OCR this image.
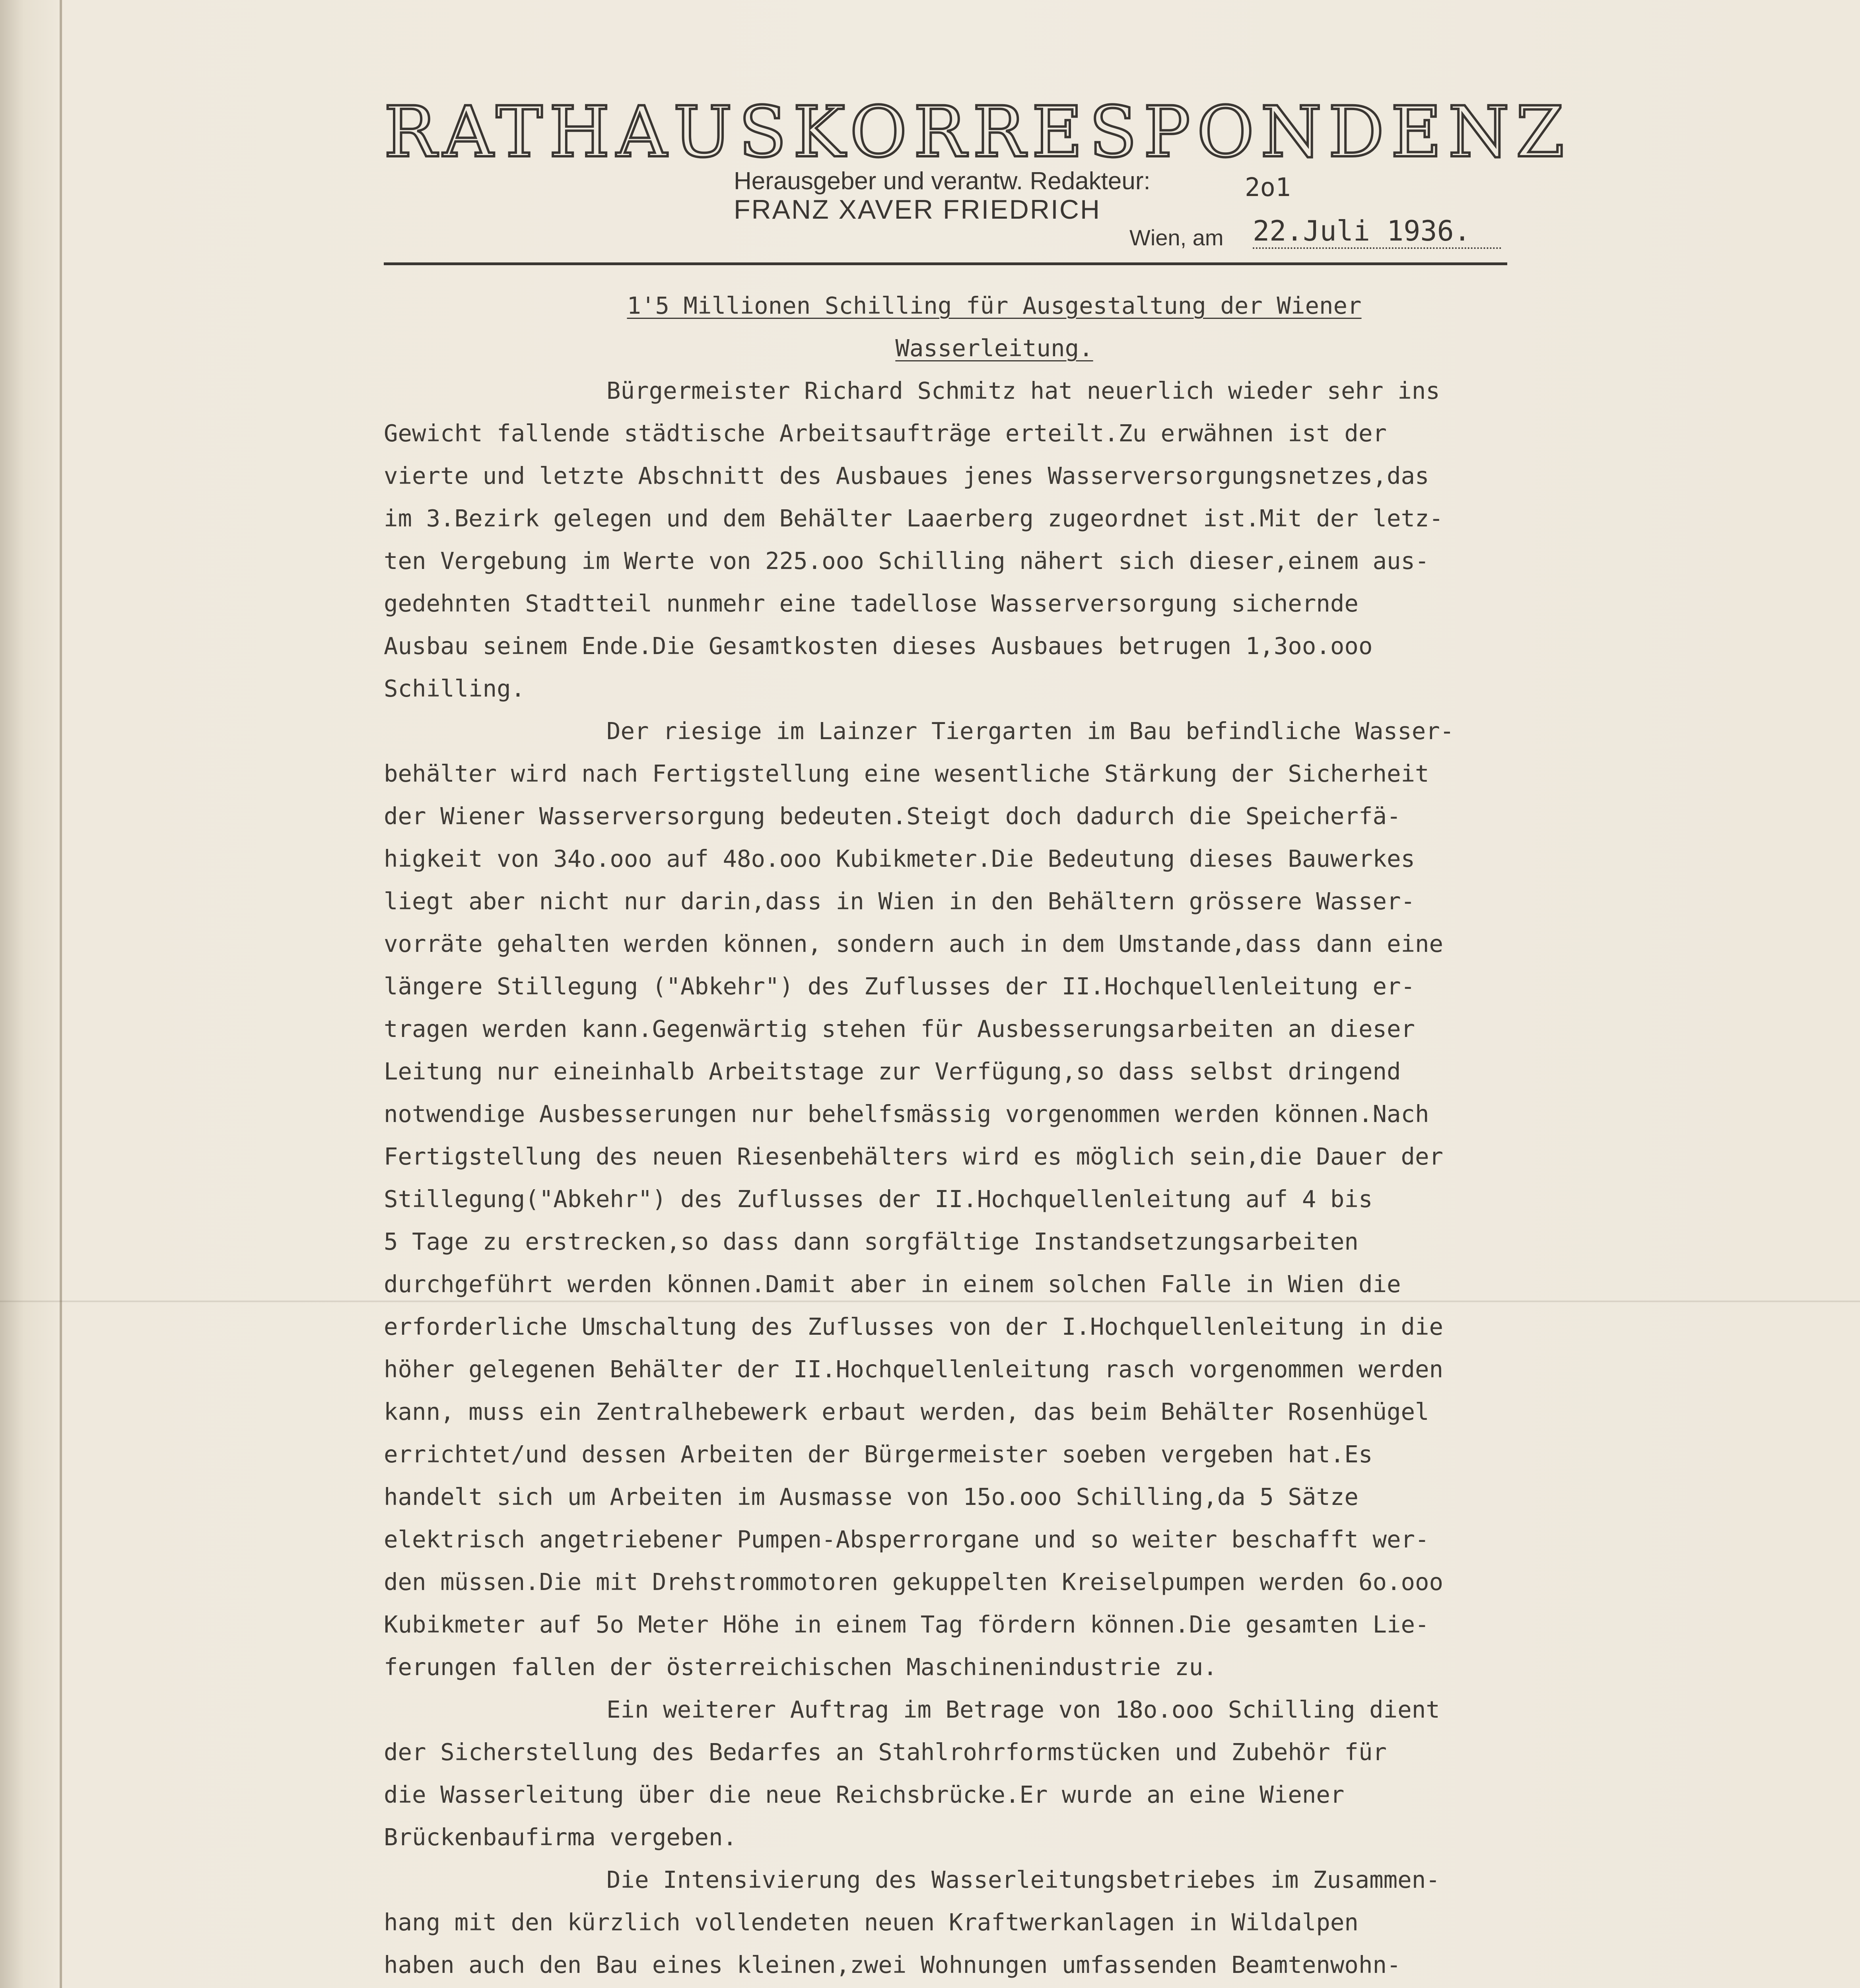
RATHAUSKORRESPONDENZ
Herausgeber und verantw. Redakteur:
FRANZ XAVER FRIEDRICH
2o1
Wien, am 22.Juli 1936.
1'5 Millionen Schilling für Ausgestaltung der Wiener
Wasserleitung.
Bürgermeister Richard Schmitz hat neuerlich wieder sehr ins
Gewicht fallende städtische Arbeitsaufträge erteilt.Zu erwähnen ist der
vierte und letzte Abschnitt des Ausbaues jenes Wasserversorgungsnetzes,das
im 3.Bezirk gelegen und dem Behälter Laaerberg zugeordnet ist.Mit der letz-
ten Vergebung im Werte von 225.ooo Schilling nähert sich dieser,einem aus-
gedehnten Stadtteil nunmehr eine tadellose Wasserversorgung sichernde
Ausbau seinem Ende.Die Gesamtkosten dieses Ausbaues betrugen 1,3oo.ooo
Schilling.
Der riesige im Lainzer Tiergarten im Bau befindliche Wasser-
behälter wird nach Fertigstellung eine wesentliche Stärkung der Sicherheit
der Wiener Wasserversorgung bedeuten.Steigt doch dadurch die Speicherfä-
higkeit von 34o.ooo auf 48o.ooo Kubikmeter.Die Bedeutung dieses Bauwerkes
liegt aber nicht nur darin,dass in Wien in den Behältern grössere Wasser-
vorräte gehalten werden können, sondern auch in dem Umstande,dass dann eine
längere Stillegung ("Abkehr") des Zuflusses der II.Hochquellenleitung er-
tragen werden kann.Gegenwärtig stehen für Ausbesserungsarbeiten an dieser
Leitung nur eineinhalb Arbeitstage zur Verfügung,so dass selbst dringend
notwendige Ausbesserungen nur behelfsmässig vorgenommen werden können.Nach
Fertigstellung des neuen Riesenbehälters wird es möglich sein,die Dauer der
Stillegung("Abkehr") des Zuflusses der II.Hochquellenleitung auf 4 bis
5 Tage zu erstrecken,so dass dann sorgfältige Instandsetzungsarbeiten
durchgeführt werden können.Damit aber in einem solchen Falle in Wien die
erforderliche Umschaltung des Zuflusses von der I.Hochquellenleitung in die
höher gelegenen Behälter der II.Hochquellenleitung rasch vorgenommen werden
kann, muss ein Zentralhebewerk erbaut werden, das beim Behälter Rosenhügel
errichtet/und dessen Arbeiten der Bürgermeister soeben vergeben hat.Es
handelt sich um Arbeiten im Ausmasse von 15o.ooo Schilling,da 5 Sätze
elektrisch angetriebener Pumpen-Absperrorgane und so weiter beschafft wer-
den müssen.Die mit Drehstrommotoren gekuppelten Kreiselpumpen werden 6o.ooo
Kubikmeter auf 5o Meter Höhe in einem Tag fördern können.Die gesamten Lie-
ferungen fallen der österreichischen Maschinenindustrie zu.
Ein weiterer Auftrag im Betrage von 18o.ooo Schilling dient
der Sicherstellung des Bedarfes an Stahlrohrformstücken und Zubehör für
die Wasserleitung über die neue Reichsbrücke.Er wurde an eine Wiener
Brückenbaufirma vergeben.
Die Intensivierung des Wasserleitungsbetriebes im Zusammen-
hang mit den kürzlich vollendeten neuen Kraftwerkanlagen in Wildalpen
haben auch den Bau eines kleinen,zwei Wohnungen umfassenden Beamtenwohn-
